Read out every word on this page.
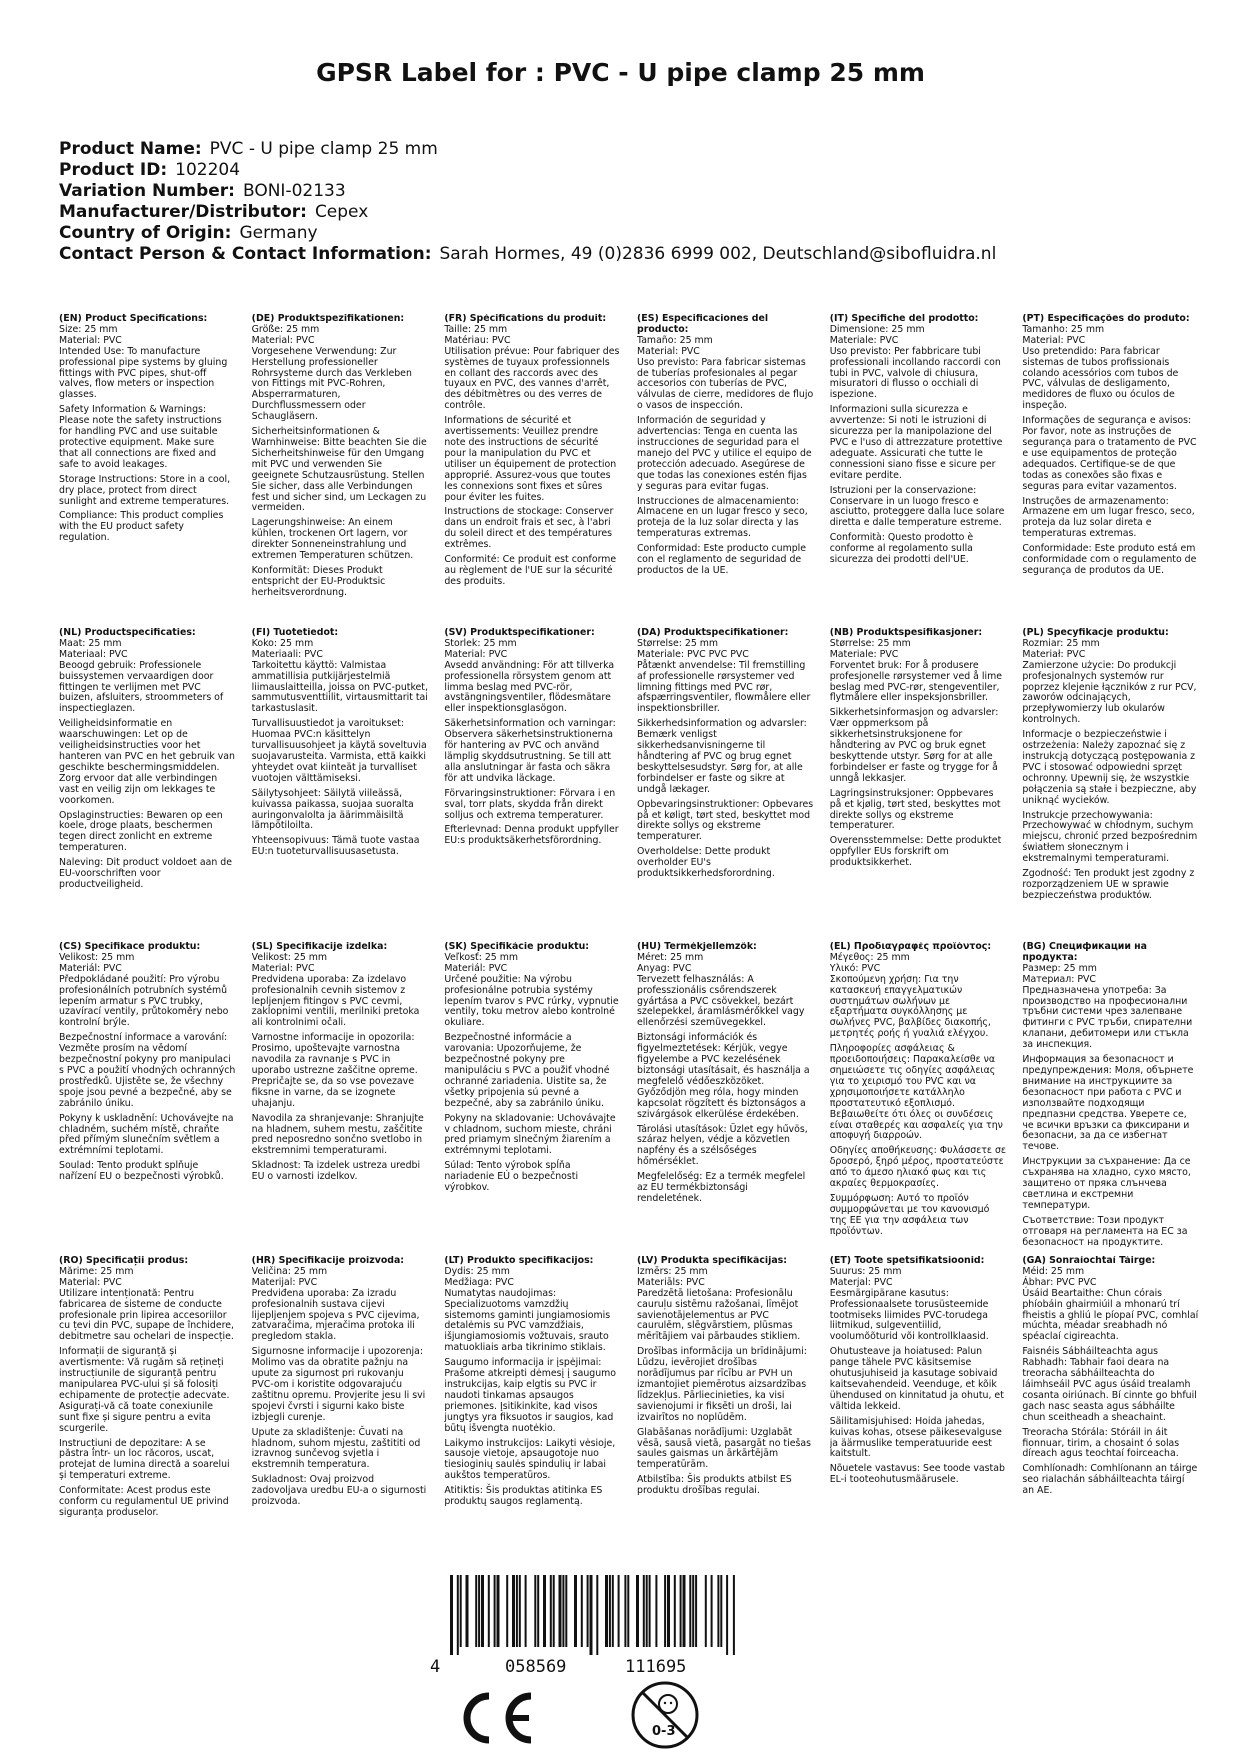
GPSR Label for : PVC - U pipe clamp 25 mm
Product Name: PVC - U pipe clamp 25 mm
Product ID: 102204
Variation Number: BONI-02133
Manufacturer/Distributor: Cepex
Country of Origin: Germany
Contact Person & Contact Information: Sarah Hormes, 49 (0)2836 6999 002, Deutschland@sibofluidra.nl
(EN) Product Specifications:

Size: 25 mm

Material: PVC

Intended Use: To manufacture professional pipe systems by gluing fittings with PVC pipes, shut-off valves, flow meters or inspection glasses.

Safety Information & Warnings: Please note the safety instructions for handling PVC and use suitable protective equipment. Make sure that all connections are fixed and safe to avoid leakages.

Storage Instructions: Store in a cool, dry place, protect from direct sunlight and extreme temperatures.

Compliance: This product complies with the EU product safety regulation.

(DE) Produktspezifikationen:

Größe: 25 mm

Material: PVC

Vorgesehene Verwendung: Zur Herstellung professioneller Rohrsysteme durch das Verkleben von Fittings mit PVC-Rohren, Absperrarmaturen, Durchflussmessern oder Schaugläsern.

Sicherheitsinformationen & Warnhinweise: Bitte beachten Sie die Sicherheitshinweise für den Umgang mit PVC und verwenden Sie geeignete Schutzausrüstung. Stellen Sie sicher, dass alle Verbindungen fest und sicher sind, um Leckagen zu vermeiden.

Lagerungshinweise: An einem kühlen, trockenen Ort lagern, vor direkter Sonneneinstrahlung und extremen Temperaturen schützen.

Konformität: Dieses Produkt entspricht der EU-Produktsic herheitsverordnung.

(FR) Spécifications du produit:

Taille: 25 mm

Matériau: PVC

Utilisation prévue: Pour fabriquer des systèmes de tuyaux professionnels en collant des raccords avec des tuyaux en PVC, des vannes d'arrêt, des débitmètres ou des verres de contrôle.

Informations de sécurité et avertissements: Veuillez prendre note des instructions de sécurité pour la manipulation du PVC et utiliser un équipement de protection approprié. Assurez-vous que toutes les connexions sont fixes et sûres pour éviter les fuites.

Instructions de stockage: Conserver dans un endroit frais et sec, à l'abri du soleil direct et des températures extrêmes.

Conformité: Ce produit est conforme au règlement de l'UE sur la sécurité des produits.

(ES) Especificaciones del producto:

Tamaño: 25 mm

Material: PVC

Uso previsto: Para fabricar sistemas de tuberías profesionales al pegar accesorios con tuberías de PVC, válvulas de cierre, medidores de flujo o vasos de inspección.

Información de seguridad y advertencias: Tenga en cuenta las instrucciones de seguridad para el manejo del PVC y utilice el equipo de protección adecuado. Asegúrese de que todas las conexiones estén fijas y seguras para evitar fugas.

Instrucciones de almacenamiento: Almacene en un lugar fresco y seco, proteja de la luz solar directa y las temperaturas extremas.

Conformidad: Este producto cumple con el reglamento de seguridad de productos de la UE.

(IT) Specifiche del prodotto:

Dimensione: 25 mm

Materiale: PVC

Uso previsto: Per fabbricare tubi professionali incollando raccordi con tubi in PVC, valvole di chiusura, misuratori di flusso o occhiali di ispezione.

Informazioni sulla sicurezza e avvertenze: Si noti le istruzioni di sicurezza per la manipolazione del PVC e l'uso di attrezzature protettive adeguate. Assicurati che tutte le connessioni siano fisse e sicure per evitare perdite.

Istruzioni per la conservazione: Conservare in un luogo fresco e asciutto, proteggere dalla luce solare diretta e dalle temperature estreme.

Conformità: Questo prodotto è conforme al regolamento sulla sicurezza dei prodotti dell'UE.

(PT) Especificações do produto:

Tamanho: 25 mm

Material: PVC

Uso pretendido: Para fabricar sistemas de tubos profissionais colando acessórios com tubos de PVC, válvulas de desligamento, medidores de fluxo ou óculos de inspeção.

Informações de segurança e avisos: Por favor, note as instruções de segurança para o tratamento de PVC e use equipamentos de proteção adequados. Certifique-se de que todas as conexões são fixas e seguras para evitar vazamentos.

Instruções de armazenamento: Armazene em um lugar fresco, seco, proteja da luz solar direta e temperaturas extremas.

Conformidade: Este produto está em conformidade com o regulamento de segurança de produtos da UE.

(NL) Productspecificaties:

Maat: 25 mm

Materiaal: PVC

Beoogd gebruik: Professionele buissystemen vervaardigen door fittingen te verlijmen met PVC buizen, afsluiters, stroommeters of inspectieglazen.

Veiligheidsinformatie en waarschuwingen: Let op de veiligheidsinstructies voor het hanteren van PVC en het gebruik van geschikte beschermingsmiddelen. Zorg ervoor dat alle verbindingen vast en veilig zijn om lekkages te voorkomen.

Opslaginstructies: Bewaren op een koele, droge plaats, beschermen tegen direct zonlicht en extreme temperaturen.

Naleving: Dit product voldoet aan de EU-voorschriften voor productveiligheid.

(FI) Tuotetiedot:

Koko: 25 mm

Materiaali: PVC

Tarkoitettu käyttö: Valmistaa ammatillisia putkijärjestelmiä liimauslaitteilla, joissa on PVC-putket, sammutusventtiilit, virtausmittarit tai tarkastuslasit.

Turvallisuustiedot ja varoitukset: Huomaa PVC:n käsittelyn turvallisuusohjeet ja käytä soveltuvia suojavarusteita. Varmista, että kaikki yhteydet ovat kiinteät ja turvalliset vuotojen välttämiseksi.

Säilytysohjeet: Säilytä viileässä, kuivassa paikassa, suojaa suoralta auringonvalolta ja äärimmäisiltä lämpötiloilta.

Yhteensopivuus: Tämä tuote vastaa EU:n tuoteturvallisuusasetusta.

(SV) Produktspecifikationer:

Storlek: 25 mm

Material: PVC

Avsedd användning: För att tillverka professionella rörsystem genom att limma beslag med PVC-rör, avstängningsventiler, flödesmätare eller inspektionsglasögon.

Säkerhetsinformation och varningar: Observera säkerhetsinstruktionerna för hantering av PVC och använd lämplig skyddsutrustning. Se till att alla anslutningar är fasta och säkra för att undvika läckage.

Förvaringsinstruktioner: Förvara i en sval, torr plats, skydda från direkt solljus och extrema temperaturer.

Efterlevnad: Denna produkt uppfyller EU:s produktsäkerhetsförordning.

(DA) Produktspecifikationer:

Størrelse: 25 mm

Materiale: PVC PVC PVC

Påtænkt anvendelse: Til fremstilling af professionelle rørsystemer ved limning fittings med PVC rør, afspærringsventiler, flowmålere eller inspektionsbriller.

Sikkerhedsinformation og advarsler: Bemærk venligst sikkerhedsanvisningerne til håndtering af PVC og brug egnet beskyttelsesudstyr. Sørg for, at alle forbindelser er faste og sikre at undgå lækager.

Opbevaringsinstruktioner: Opbevares på et køligt, tørt sted, beskyttet mod direkte sollys og ekstreme temperaturer.

Overholdelse: Dette produkt overholder EU's produktsikkerhedsforordning.

(NB) Produktspesifikasjoner:

Størrelse: 25 mm

Materiale: PVC

Forventet bruk: For å produsere profesjonelle rørsystemer ved å lime beslag med PVC-rør, stengeventiler, flytmålere eller inspeksjonsbriller.

Sikkerhetsinformasjon og advarsler: Vær oppmerksom på sikkerhetsinstruksjonene for håndtering av PVC og bruk egnet beskyttende utstyr. Sørg for at alle forbindelser er faste og trygge for å unngå lekkasjer.

Lagringsinstruksjoner: Oppbevares på et kjølig, tørt sted, beskyttes mot direkte sollys og ekstreme temperaturer.

Overensstemmelse: Dette produktet oppfyller EUs forskrift om produktsikkerhet.

(PL) Specyfikacje produktu:

Rozmiar: 25 mm

Materiał: PVC

Zamierzone użycie: Do produkcji profesjonalnych systemów rur poprzez klejenie łączników z rur PCV, zaworów odcinających, przepływomierzy lub okularów kontrolnych.

Informacje o bezpieczeństwie i ostrzeżenia: Należy zapoznać się z instrukcją dotyczącą postępowania z PVC i stosować odpowiedni sprzęt ochronny. Upewnij się, że wszystkie połączenia są stałe i bezpieczne, aby uniknąć wycieków.

Instrukcje przechowywania: Przechowywać w chłodnym, suchym miejscu, chronić przed bezpośrednim światłem słonecznym i ekstremalnymi temperaturami.

Zgodność: Ten produkt jest zgodny z rozporządzeniem UE w sprawie bezpieczeństwa produktów.

(CS) Specifikace produktu:

Velikost: 25 mm

Materiál: PVC

Předpokládané použití: Pro výrobu profesionálních potrubních systémů lepením armatur s PVC trubky, uzavírací ventily, průtokoměry nebo kontrolní brýle.

Bezpečnostní informace a varování: Vezměte prosím na vědomí bezpečnostní pokyny pro manipulaci s PVC a použití vhodných ochranných prostředků. Ujistěte se, že všechny spoje jsou pevné a bezpečné, aby se zabránilo úniku.

Pokyny k uskladnění: Uchovávejte na chladném, suchém místě, chraňte před přímým slunečním světlem a extrémními teplotami.

Soulad: Tento produkt splňuje nařízení EU o bezpečnosti výrobků.

(SL) Specifikacije izdelka:

Velikost: 25 mm

Material: PVC

Predvidena uporaba: Za izdelavo profesionalnih cevnih sistemov z lepljenjem fitingov s PVC cevmi, zaklopnimi ventili, merilniki pretoka ali kontrolnimi očali.

Varnostne informacije in opozorila: Prosimo, upoštevajte varnostna navodila za ravnanje s PVC in uporabo ustrezne zaščitne opreme. Prepričajte se, da so vse povezave fiksne in varne, da se izognete uhajanju.

Navodila za shranjevanje: Shranjujte na hladnem, suhem mestu, zaščitite pred neposredno sončno svetlobo in ekstremnimi temperaturami.

Skladnost: Ta izdelek ustreza uredbi EU o varnosti izdelkov.

(SK) Špecifikácie produktu:

Veľkosť: 25 mm

Materiál: PVC

Určené použitie: Na výrobu profesionálne potrubia systémy lepením tvarov s PVC rúrky, vypnutie ventily, toku metrov alebo kontrolné okuliare.

Bezpečnostné informácie a varovania: Upozorňujeme, že bezpečnostné pokyny pre manipuláciu s PVC a použiť vhodné ochranné zariadenia. Uistite sa, že všetky pripojenia sú pevné a bezpečné, aby sa zabránilo úniku.

Pokyny na skladovanie: Uchovávajte v chladnom, suchom mieste, chráni pred priamym slnečným žiarením a extrémnymi teplotami.

Súlad: Tento výrobok spĺňa nariadenie EÚ o bezpečnosti výrobkov.

(HU) Termékjellemzők:

Méret: 25 mm

Anyag: PVC

Tervezett felhasználás: A professzionális csőrendszerek gyártása a PVC csövekkel, bezárt szelepekkel, áramlásmérőkkel vagy ellenőrzési szemüvegekkel.

Biztonsági információk és figyelmeztetések: Kérjük, vegye figyelembe a PVC kezelésének biztonsági utasításait, és használja a megfelelő védőeszközöket. Győződjön meg róla, hogy minden kapcsolat rögzített és biztonságos a szivárgások elkerülése érdekében.

Tárolási utasítások: Üzlet egy hűvös, száraz helyen, védje a közvetlen napfény és a szélsőséges hőmérséklet.

Megfelelőség: Ez a termék megfelel az EU termékbiztonsági rendeletének.

(EL) Προδιαγραφές προϊόντος:

Μέγεθος: 25 mm

Υλικό: PVC

Σκοπούμενη χρήση: Για την κατασκευή επαγγελματικών συστημάτων σωλήνων με εξαρτήματα συγκόλλησης με σωλήνες PVC, βαλβίδες διακοπής, μετρητές ροής ή γυαλιά ελέγχου.

Πληροφορίες ασφάλειας & προειδοποιήσεις: Παρακαλείσθε να σημειώσετε τις οδηγίες ασφάλειας για το χειρισμό του PVC και να χρησιμοποιήσετε κατάλληλο προστατευτικό εξοπλισμό. Βεβαιωθείτε ότι όλες οι συνδέσεις είναι σταθερές και ασφαλείς για την αποφυγή διαρροών.

Οδηγίες αποθήκευσης: Φυλάσσετε σε δροσερό, ξηρό μέρος, προστατεύστε από το άμεσο ηλιακό φως και τις ακραίες θερμοκρασίες.

Συμμόρφωση: Αυτό το προϊόν συμμορφώνεται με τον κανονισμό της ΕΕ για την ασφάλεια των προϊόντων.

(BG) Спецификации на продукта:

Размер: 25 mm

Материал: PVC

Предназначена употреба: За производство на професионални тръбни системи чрез залепване фитинги с PVC тръби, спирателни клапани, дебитомери или стъкла за инспекция.

Информация за безопасност и предупреждения: Моля, обърнете внимание на инструкциите за безопасност при работа с PVC и използвайте подходящи предпазни средства. Уверете се, че всички връзки са фиксирани и безопасни, за да се избегнат течове.

Инструкции за съхранение: Да се съхранява на хладно, сухо място, защитено от пряка слънчева светлина и екстремни температури.

Съответствие: Този продукт отговаря на регламента на ЕС за безопасност на продуктите.

(RO) Specificații produs:

Mărime: 25 mm

Material: PVC

Utilizare intenționată: Pentru fabricarea de sisteme de conducte profesionale prin lipirea accesoriilor cu țevi din PVC, supape de închidere, debitmetre sau ochelari de inspecție.

Informații de siguranță și avertismente: Vă rugăm să rețineți instrucțiunile de siguranță pentru manipularea PVC-ului și să folosiți echipamente de protecție adecvate. Asigurați-vă că toate conexiunile sunt fixe și sigure pentru a evita scurgerile.

Instrucțiuni de depozitare: A se păstra într- un loc răcoros, uscat, protejat de lumina directă a soarelui și temperaturi extreme.

Conformitate: Acest produs este conform cu regulamentul UE privind siguranța produselor.

(HR) Specifikacije proizvoda:

Veličina: 25 mm

Materijal: PVC

Predviđena uporaba: Za izradu profesionalnih sustava cijevi lijepljenjem spojeva s PVC cijevima, zatvaračima, mjeračima protoka ili pregledom stakla.

Sigurnosne informacije i upozorenja: Molimo vas da obratite pažnju na upute za sigurnost pri rukovanju PVC-om i koristite odgovarajuću zaštitnu opremu. Provjerite jesu li svi spojevi čvrsti i sigurni kako biste izbjegli curenje.

Upute za skladištenje: Čuvati na hladnom, suhom mjestu, zaštititi od izravnog sunčevog svjetla i ekstremnih temperatura.

Sukladnost: Ovaj proizvod zadovoljava uredbu EU-a o sigurnosti proizvoda.

(LT) Produkto specifikacijos:

Dydis: 25 mm

Medžiaga: PVC

Numatytas naudojimas: Specializuotoms vamzdžių sistemoms gaminti jungiamosiomis detalėmis su PVC vamzdžiais, išjungiamosiomis vožtuvais, srauto matuokliais arba tikrinimo stiklais.

Saugumo informacija ir įspėjimai: Prašome atkreipti dėmesį į saugumo instrukcijas, kaip elgtis su PVC ir naudoti tinkamas apsaugos priemones. Įsitikinkite, kad visos jungtys yra fiksuotos ir saugios, kad būtų išvengta nuotėkio.

Laikymo instrukcijos: Laikyti vėsioje, sausoje vietoje, apsaugotoje nuo tiesioginių saulės spindulių ir labai aukštos temperatūros.

Atitiktis: Šis produktas atitinka ES produktų saugos reglamentą.

(LV) Produkta specifikācijas:

Izmērs: 25 mm

Materiāls: PVC

Paredzētā lietošana: Profesionālu cauruļu sistēmu ražošanai, līmējot savienotājelementus ar PVC caurulēm, slēgvārstiem, plūsmas mērītājiem vai pārbaudes stikliem.

Drošības informācija un brīdinājumi: Lūdzu, ievērojiet drošības norādījumus par rīcību ar PVH un izmantojiet piemērotus aizsardzības līdzekļus. Pārliecinieties, ka visi savienojumi ir fiksēti un droši, lai izvairītos no noplūdēm.

Glabāšanas norādījumi: Uzglabāt vēsā, sausā vietā, pasargāt no tiešas saules gaismas un ārkārtējām temperatūrām.

Atbilstība: Šis produkts atbilst ES produktu drošības regulai.

(ET) Toote spetsifikatsioonid:

Suurus: 25 mm

Materjal: PVC

Eesmärgipärane kasutus: Professionaalsete torusüsteemide tootmiseks liimides PVC-torudega liitmikud, sulgeventiilid, voolumõõturid või kontrollklaasid.

Ohutusteave ja hoiatused: Palun pange tähele PVC käsitsemise ohutusjuhiseid ja kasutage sobivaid kaitsevahendeid. Veenduge, et kõik ühendused on kinnitatud ja ohutu, et vältida lekkeid.

Säilitamisjuhised: Hoida jahedas, kuivas kohas, otsese päikesevalguse ja äärmuslike temperatuuride eest kaitstult.

Nõuetele vastavus: See toode vastab EL-i tooteohutusmäärusele.

(GA) Sonraíochtaí Táirge:

Méid: 25 mm

Ábhar: PVC PVC

Úsáid Beartaithe: Chun córais phíobáin ghairmiúil a mhonarú trí fheistis a ghliú le píopaí PVC, comhlaí múchta, méadar sreabhadh nó spéaclaí cigireachta.

Faisnéis Sábháilteachta agus Rabhadh: Tabhair faoi deara na treoracha sábháilteachta do láimhseáil PVC agus úsáid trealamh cosanta oiriúnach. Bí cinnte go bhfuil gach nasc seasta agus sábháilte chun sceitheadh a sheachaint.

Treoracha Stórála: Stóráil in áit fionnuar, tirim, a chosaint ó solas díreach agus teochtaí foirceacha.

Comhlíonadh: Comhlíonann an táirge seo rialachán sábháilteachta táirgí an AE.

4	058569	111695
0-3
